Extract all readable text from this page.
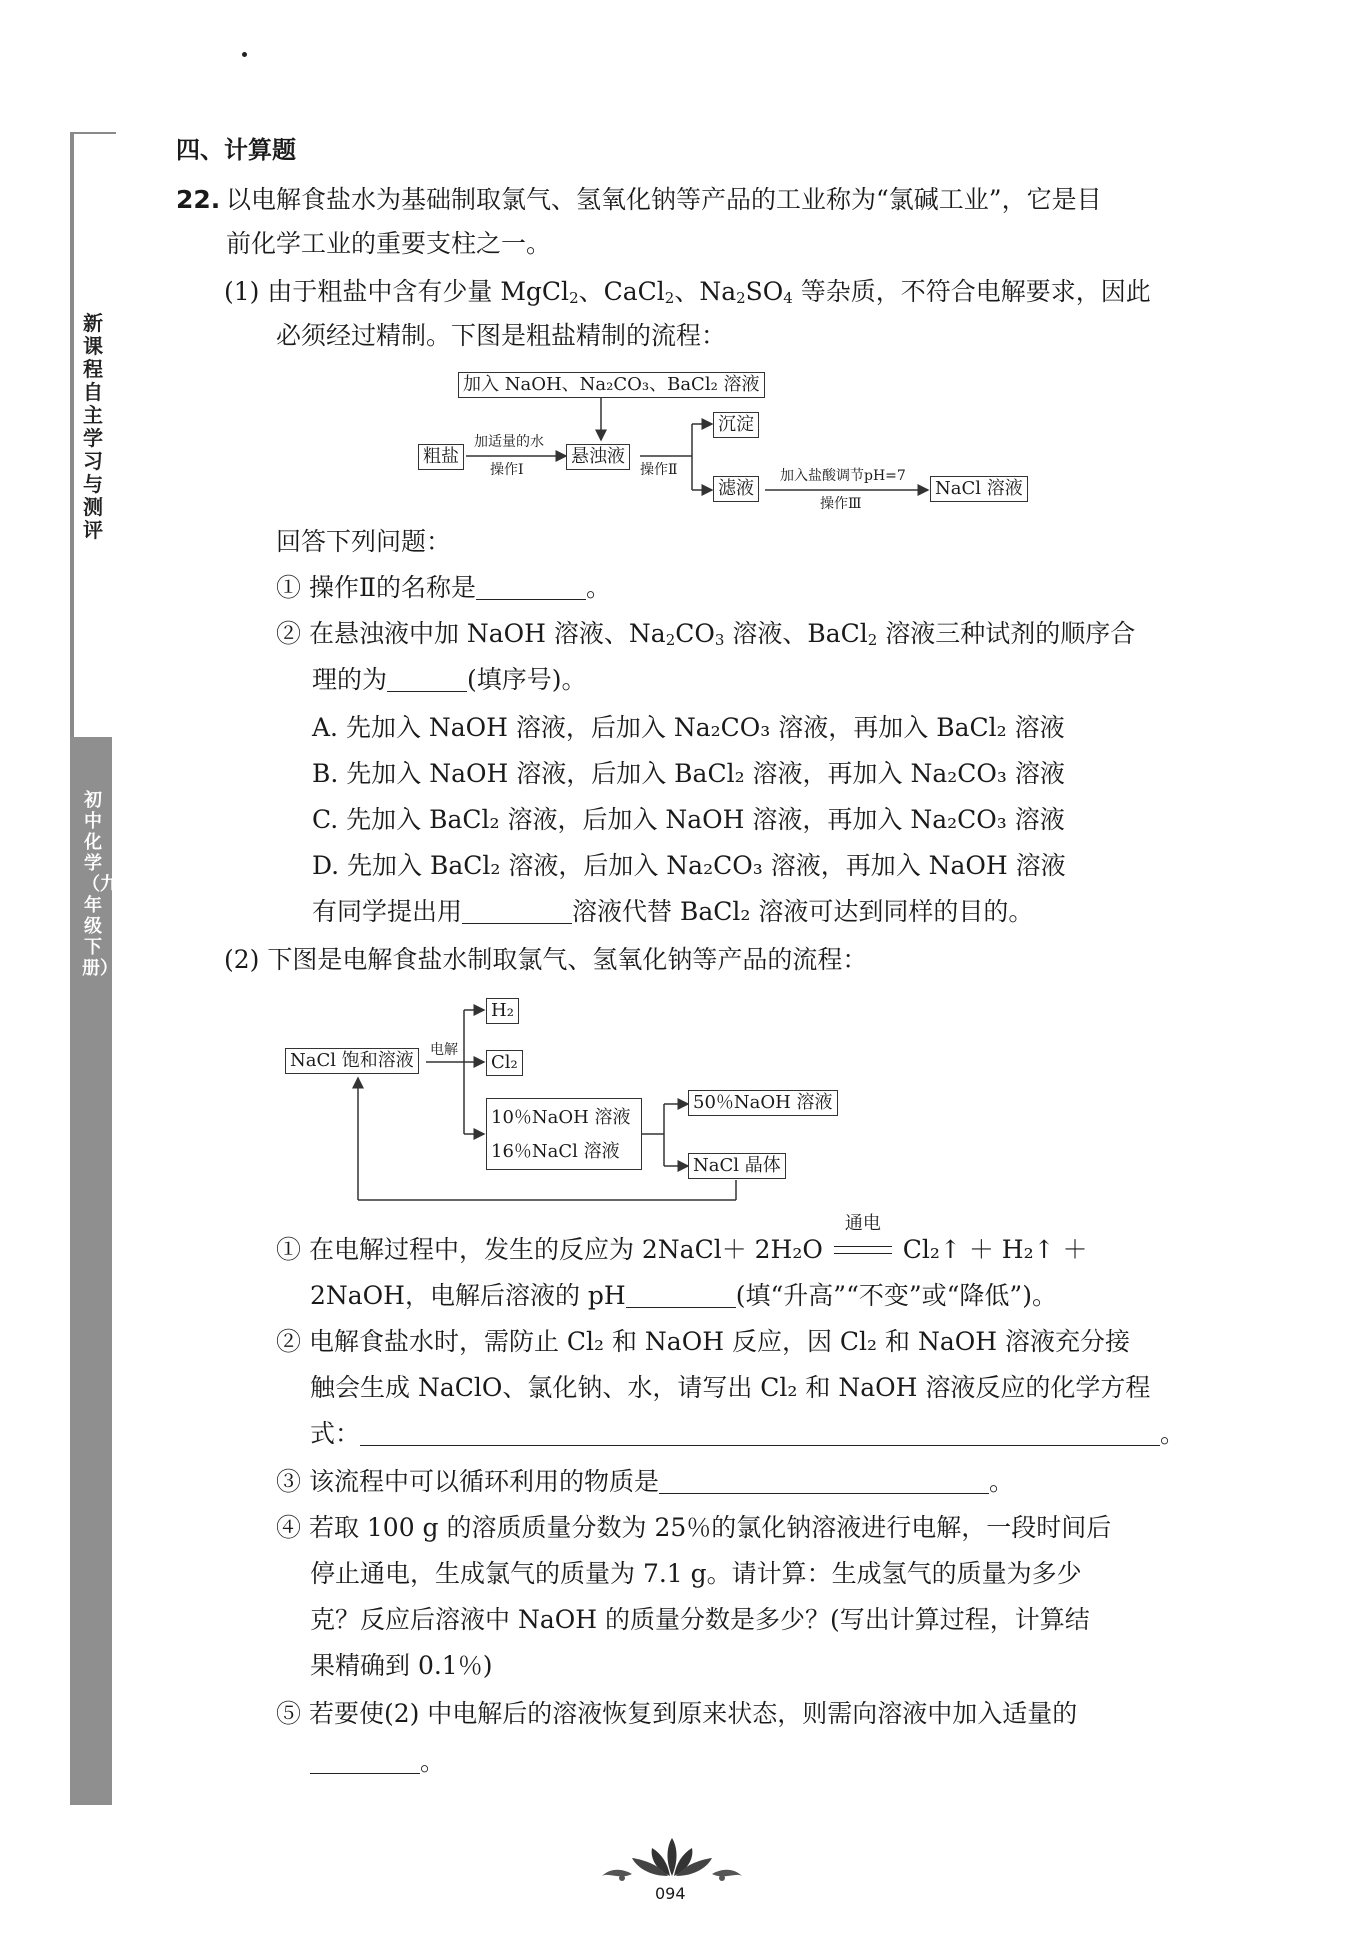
新课程自主学习与测评
初中化学（九年级下册）
四、计算题
22. 以电解食盐水为基础制取氯气、氢氧化钠等产品的工业称为“氯碱工业”，它是目
前化学工业的重要支柱之一。
(1) 由于粗盐中含有少量 MgCl$_2$、CaCl$_2$、$Na_2SO_4$ 等杂质，不符合电解要求，因此
必须经过精制。下图是粗盐精制的流程：
加入 NaOH、Na₂CO₃、BaCl₂ 溶液
粗盐
加适量的水
操作Ⅰ
悬浊液
操作Ⅱ
沉淀
滤液
加入盐酸调节pH=7
操作Ⅲ
NaCl 溶液
回答下列问题：
① 操作Ⅱ的名称是	。
② 在悬浊液中加 NaOH 溶液、$Na_2CO_3$ 溶液、BaCl$_2$ 溶液三种试剂的顺序合
理的为	(填序号)。
A. 先加入 NaOH 溶液，后加入 Na₂CO₃ 溶液，再加入 BaCl₂ 溶液
B. 先加入 NaOH 溶液，后加入 BaCl₂ 溶液，再加入 Na₂CO₃ 溶液
C. 先加入 BaCl₂ 溶液，后加入 NaOH 溶液，再加入 Na₂CO₃ 溶液
D. 先加入 BaCl₂ 溶液，后加入 Na₂CO₃ 溶液，再加入 NaOH 溶液
有同学提出用	溶液代替 BaCl₂ 溶液可达到同样的目的。
(2) 下图是电解食盐水制取氯气、氢氧化钠等产品的流程：
NaCl 饱和溶液	电解
H₂
Cl₂
10％NaOH 溶液
16％NaCl 溶液
50％NaOH 溶液
NaCl 晶体
① 在电解过程中，发生的反应为 2NaCl＋ 2H₂O
通电
Cl₂↑ ＋ H₂↑ ＋
2NaOH，电解后溶液的 pH	(填“升高”“不变”或“降低”)。
② 电解食盐水时，需防止 Cl₂ 和 NaOH 反应，因 Cl₂ 和 NaOH 溶液充分接
触会生成 NaClO、氯化钠、水，请写出 Cl₂ 和 NaOH 溶液反应的化学方程
式：	。
③ 该流程中可以循环利用的物质是	。
④ 若取 100 g 的溶质质量分数为 25％的氯化钠溶液进行电解，一段时间后
停止通电，生成氯气的质量为 7.1 g。请计算：生成氢气的质量为多少
克？反应后溶液中 NaOH 的质量分数是多少？(写出计算过程，计算结
果精确到 0.1％)
⑤ 若要使(2) 中电解后的溶液恢复到原来状态，则需向溶液中加入适量的
。
094
